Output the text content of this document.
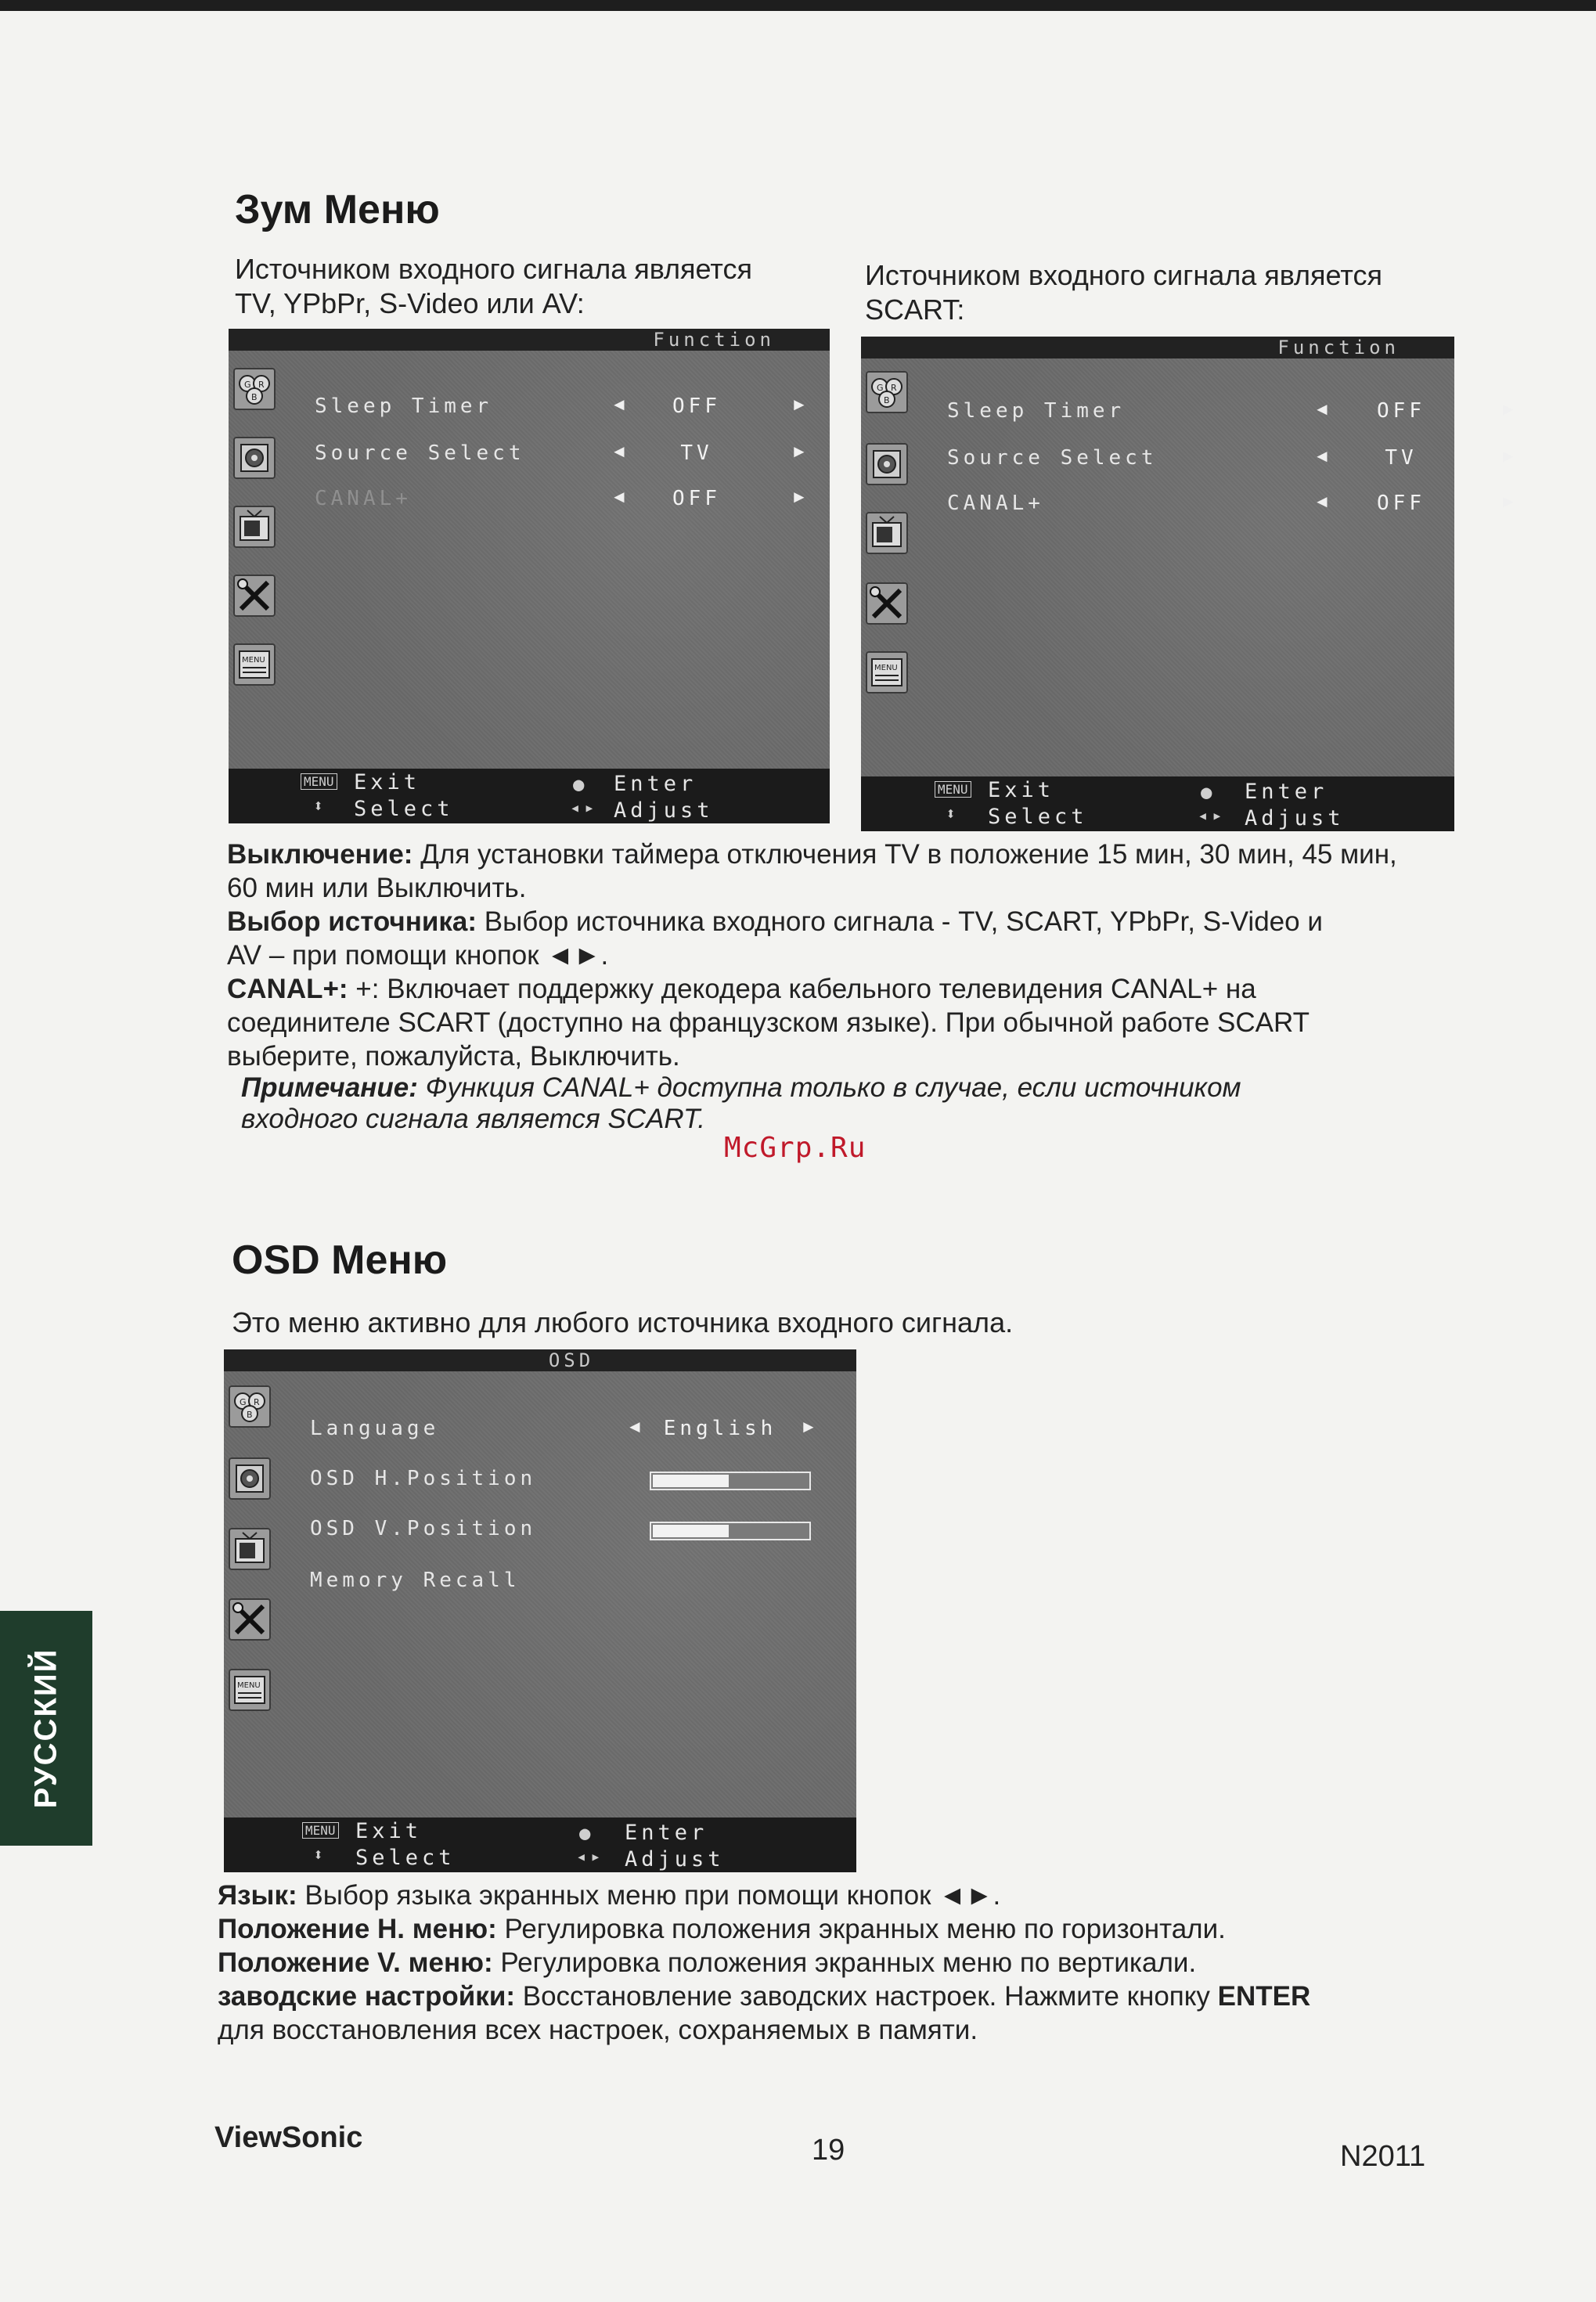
Зум Меню
Источником входного сигнала является
TV, YPbPr, S-Video или AV:
Источником входного сигнала является
SCART:
Function
G R
B
MENU
Sleep Timer	◄	OFF	►
Source Select	◄	TV	►
CANAL+	◄	OFF	►
MENU Exit
⬍ Select
● Enter
◂▸ Adjust
Function
G R
B
MENU
Sleep Timer	◄	OFF	►
Source Select	◄	TV	►
CANAL+	◄	OFF	►
MENU Exit
⬍ Select
● Enter
◂▸ Adjust
Выключение: Для установки таймера отключения TV в положение 15 мин, 30 мин, 45 мин,
60 мин или Выключить.
Выбор источника: Выбор источника входного сигнала - TV, SCART, YPbPr, S-Video и
AV – при помощи кнопок ◄►.
CANAL+: +: Включает поддержку декодера кабельного телевидения CANAL+ на
соединителе SCART (доступно на французском языке). При обычной работе SCART
выберите, пожалуйста, Выключить.
Примечание: Функция CANAL+ доступна только в случае, если источником
входного сигнала является SCART.
McGrp.Ru
OSD Меню
Это меню активно для любого источника входного сигнала.
OSD
G R
B
MENU
Language	◄ English	►
OSD H.Position
OSD V.Position
Memory Recall
MENU Exit
⬍ Select
● Enter
◂▸ Adjust
Язык: Выбор языка экранных меню при помощи кнопок ◄►.
Положение H. меню: Регулировка положения экранных меню по горизонтали.
Положение V. меню: Регулировка положения экранных меню по вертикали.
заводские настройки: Восстановление заводских настроек. Нажмите кнопку ENTER
для восстановления всех настроек, сохраняемых в памяти.
РУССКИЙ
ViewSonic	19	N2011
